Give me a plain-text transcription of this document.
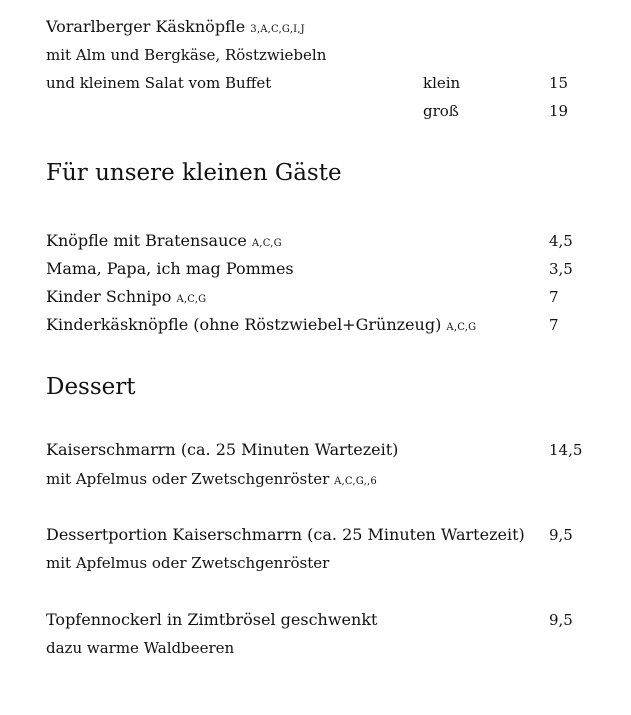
Vorarlberger Käsknöpfle 3,A,C,G,I,J
mit Alm und Bergkäse, Röstzwiebeln
und kleinem Salat vom Buffet	klein	15
groß	19
Für unsere kleinen Gäste
Knöpfle mit Bratensauce A,C,G	4,5
Mama, Papa, ich mag Pommes	3,5
Kinder Schnipo A,C,G	7
Kinderkäsknöpfle (ohne Röstzwiebel+Grünzeug) A,C,G	7
Dessert
Kaiserschmarrn (ca. 25 Minuten Wartezeit)	14,5
mit Apfelmus oder Zwetschgenröster A,C,G,,6
Dessertportion Kaiserschmarrn (ca. 25 Minuten Wartezeit) 9,5
mit Apfelmus oder Zwetschgenröster
Topfennockerl in Zimtbrösel geschwenkt	9,5
dazu warme Waldbeeren
